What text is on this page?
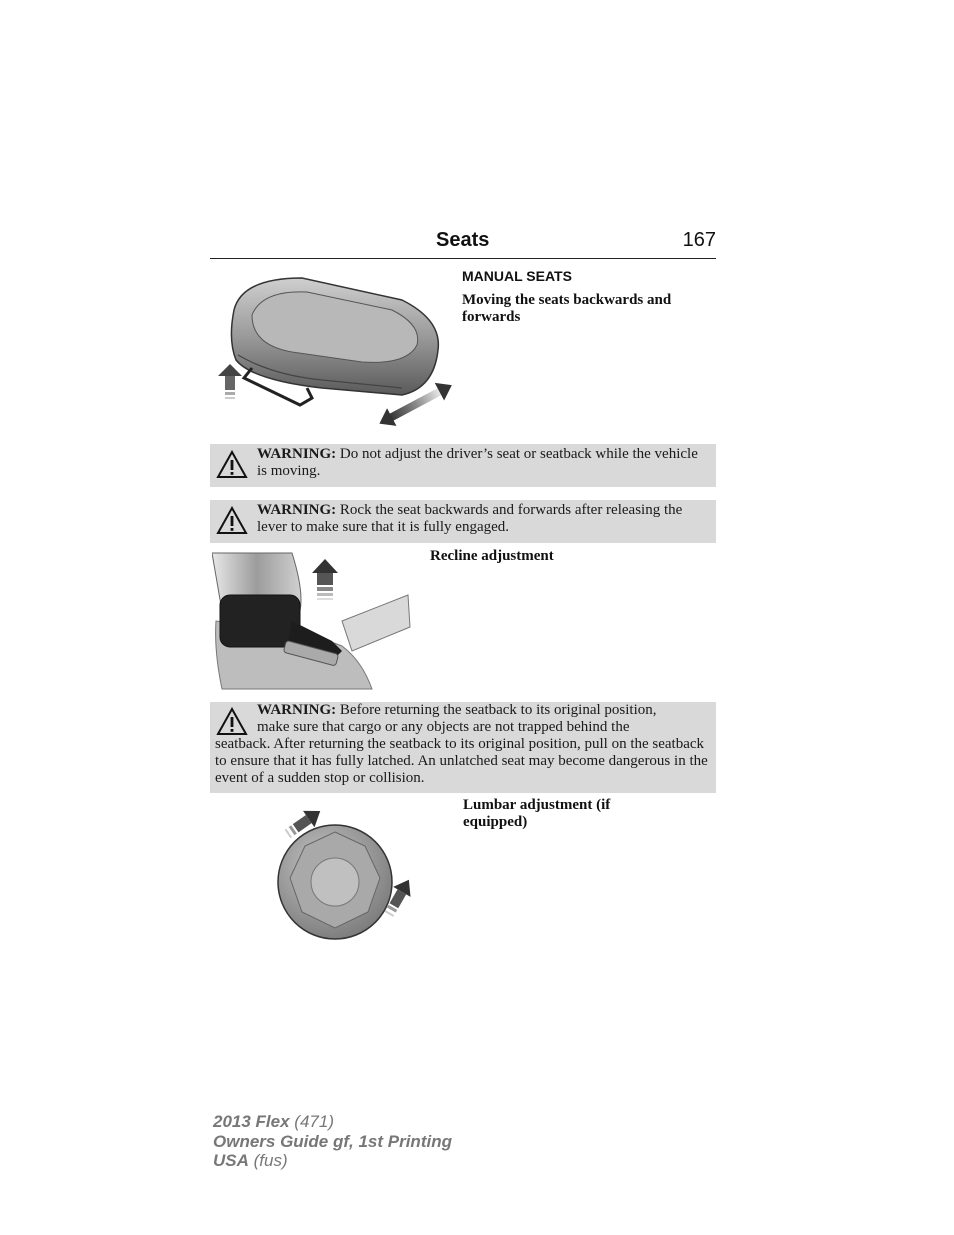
Seats	167
MANUAL SEATS
Moving the seats backwards and forwards
WARNING: Do not adjust the driver’s seat or seatback while the vehicle is moving.
WARNING: Rock the seat backwards and forwards after releasing the lever to make sure that it is fully engaged.
Recline adjustment
WARNING: Before returning the seatback to its original position,
make sure that cargo or any objects are not trapped behind the
seatback. After returning the seatback to its original position, pull on the seatback to ensure that it has fully latched. An unlatched seat may become dangerous in the event of a sudden stop or collision.
Lumbar adjustment (if equipped)
2013 Flex (471)
Owners Guide gf, 1st Printing
USA (fus)
